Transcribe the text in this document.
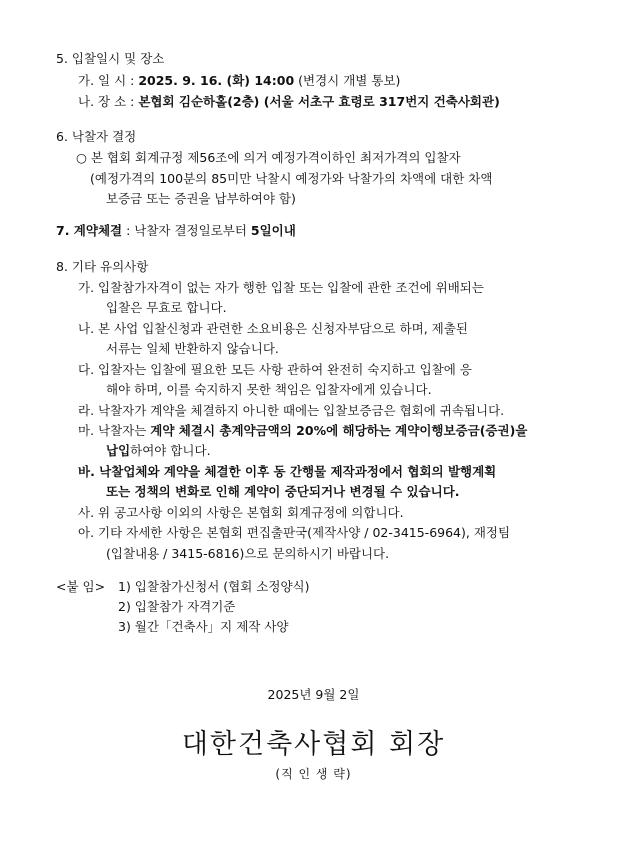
5. 입찰일시 및 장소
가. 일 시 : 2025. 9. 16. (화) 14:00 (변경시 개별 통보)
나. 장 소 : 본협회 김순하홀(2층) (서울 서초구 효령로 317번지 건축사회관)
6. 낙찰자 결정
○ 본 협회 회계규정 제56조에 의거 예정가격이하인 최저가격의 입찰자
(예정가격의 100분의 85미만 낙찰시 예정가와 낙찰가의 차액에 대한 차액
보증금 또는 증권을 납부하여야 함)
7. 계약체결 : 낙찰자 결정일로부터 5일이내
8. 기타 유의사항
가. 입찰참가자격이 없는 자가 행한 입찰 또는 입찰에 관한 조건에 위배되는
입찰은 무효로 합니다.
나. 본 사업 입찰신청과 관련한 소요비용은 신청자부담으로 하며, 제출된
서류는 일체 반환하지 않습니다.
다. 입찰자는 입찰에 필요한 모든 사항 관하여 완전히 숙지하고 입찰에 응
해야 하며, 이를 숙지하지 못한 책임은 입찰자에게 있습니다.
라. 낙찰자가 계약을 체결하지 아니한 때에는 입찰보증금은 협회에 귀속됩니다.
마. 낙찰자는 계약 체결시 총계약금액의 20%에 해당하는 계약이행보증금(증권)을
납입하여야 합니다.
바. 낙찰업체와 계약을 체결한 이후 동 간행물 제작과정에서 협회의 발행계획
또는 정책의 변화로 인해 계약이 중단되거나 변경될 수 있습니다.
사. 위 공고사항 이외의 사항은 본협회 회계규정에 의합니다.
아. 기타 자세한 사항은 본협회 편집출판국(제작사양 / 02-3415-6964), 재정팀
(입찰내용 / 3415-6816)으로 문의하시기 바랍니다.
<붙 임> 1) 입찰참가신청서 (협회 소정양식)
2) 입찰참가 자격기준
3) 월간「건축사」지 제작 사양
2025년 9월 2일
대한건축사협회 회장
(직 인 생 략)
